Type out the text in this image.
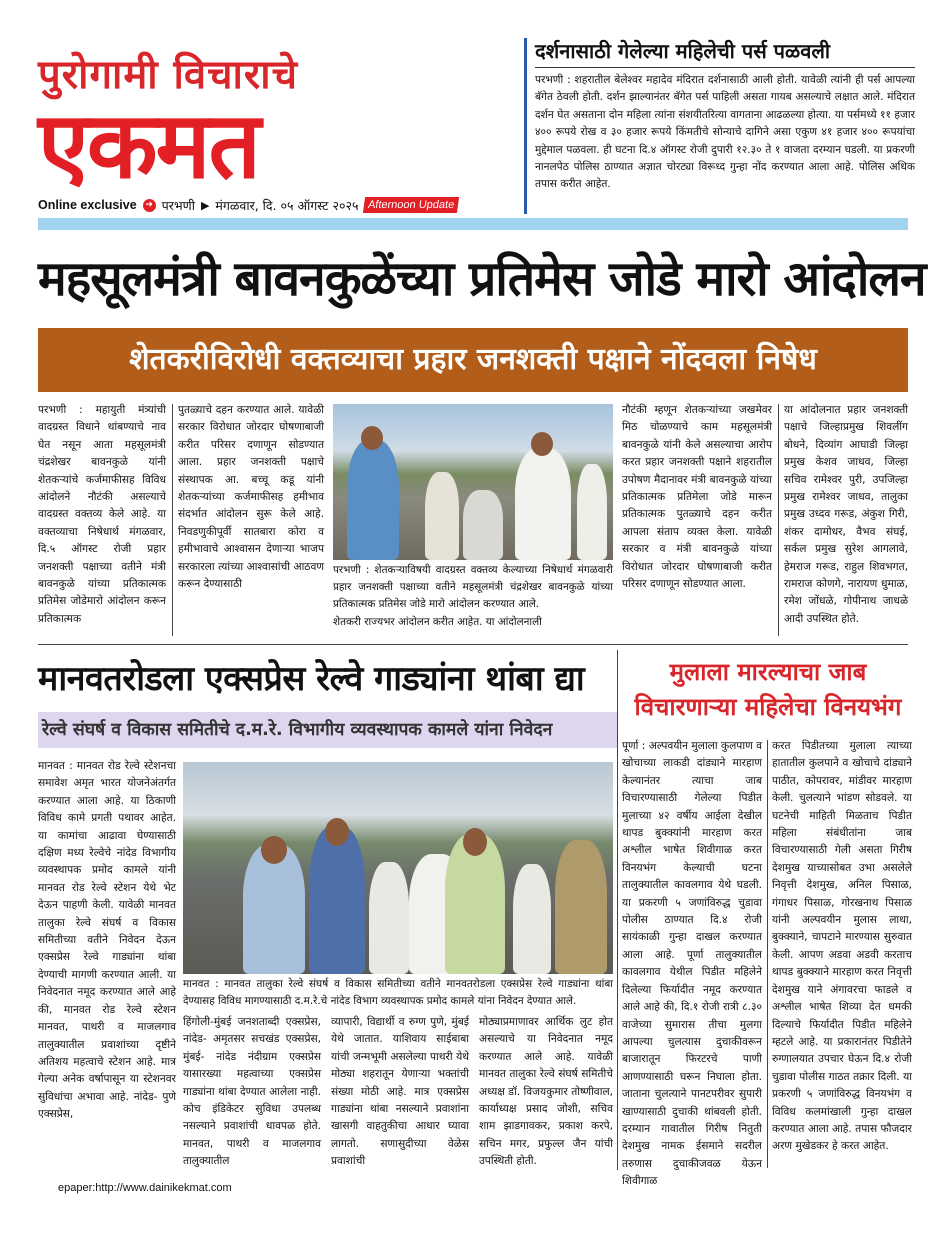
पुरोगामी विचाराचे
एकमत
Online exclusive ➜ परभणी ▶ मंगळवार, दि. ०५ ऑगस्ट २०२५ Afternoon Update
दर्शनासाठी गेलेल्या महिलेची पर्स पळवली

परभणी : शहरातील बेलेश्वर महादेव मंदिरात दर्शनासाठी आली होती. यावेळी त्यांनी ही पर्स आपल्या बॅगेत ठेवली होती. दर्शन झाल्यानंतर बॅगेत पर्स पाहिली असता गायब असल्याचे लक्षात आले. मंदिरात दर्शन घेत असताना दोन महिला त्यांना संशयीतरित्या वागताना आढळल्या होत्या. या पर्समध्ये ११ हजार ४०० रूपये रोख व ३० हजार रूपये किंमतीचे सोन्याचे दागिने असा एकुण ४१ हजार ४०० रूपयांचा मुद्देमाल पळवला. ही घटना दि.४ ऑगस्ट रोजी दुपारी १२.३० ते १ वाजता दरम्यान घडली. या प्रकरणी नानलपेठ पोलिस ठाण्यात अज्ञात चोरट्या विरूध्द गुन्हा नोंद करण्यात आला आहे. पोलिस अधिक तपास करीत आहेत.

महसूलमंत्री बावनकुळेंच्या प्रतिमेस जोडे मारो आंदोलन
शेतकरीविरोधी वक्तव्याचा प्रहार जनशक्ती पक्षाने नोंदवला निषेध
परभणी : महायुती मंत्र्यांची वादग्रस्त विधाने थांबण्याचे नाव घेत नसून आता महसूलमंत्री चंद्रशेखर बावनकुळे यांनी शेतकऱ्यांचे कर्जमाफीसह विविध आंदोलने नौटंकी असल्याचे वादग्रस्त वक्तव्य केले आहे. या वक्तव्याचा निषेधार्थ मंगळवार, दि.५ ऑगस्ट रोजी प्रहार जनशक्ती पक्षाच्या वतीने मंत्री बावनकुळे यांच्या प्रतिकात्मक प्रतिमेस जोडेमारो आंदोलन करून प्रतिकात्मक
पुतळ्याचे दहन करण्यात आले. यावेळी सरकार विरोधात जोरदार घोषणाबाजी करीत परिसर दणाणून सोडण्यात आला. प्रहार जनशक्ती पक्षाचे संस्थापक आ. बच्चू कडू यांनी शेतकऱ्यांच्या कर्जमाफीसह हमीभाव संदर्भात आंदोलन सुरू केले आहे. निवडणुकीपूर्वी सातबारा कोरा व हमीभावाचे आश्वासन देणाऱ्या भाजप सरकारला त्यांच्या आश्वासांची आठवण करून देण्यासाठी
परभणी : शेतकऱ्याविषयी वादग्रस्त वक्तव्य केल्याच्या निषेधार्थ मंगळवारी प्रहार जनशक्ती पक्षाच्या वतीने महसूलमंत्री चंद्रशेखर बावनकुळे यांच्या प्रतिकात्मक प्रतिमेस जोडे मारो आंदोलन करण्यात आले.
शेतकरी राज्यभर आंदोलन करीत आहेत. या आंदोलनाली
नौटंकी म्हणून शेतकऱ्यांच्या जखमेवर मिठ चोळण्याचे काम महसूलमंत्री बावनकुळे यांनी केले असल्याचा आरोप करत प्रहार जनशक्ती पक्षाने शहरातील उपोषण मैदानावर मंत्री बावनकुळे यांच्या प्रतिकात्मक प्रतिमेला जोडे मारून प्रतिकात्मक पुतळ्याचे दहन करीत आपला संताप व्यक्त केला. यावेळी सरकार व मंत्री बावनकुळे यांच्या विरोधात जोरदार घोषणाबाजी करीत परिसर दणाणून सोडण्यात आला.
या आंदोलनात प्रहार जनशक्ती पक्षाचे जिल्हाप्रमुख शिवलींग बोधने, दिव्यांग आघाडी जिल्हा प्रमुख केशव जाधव, जिल्हा सचिव रामेश्वर पुरी, उपजिल्हा प्रमुख रामेश्वर जाधव, तालुका प्रमुख उध्दव गरूड, अंकुश गिरी, शंकर दामोधर, वैभव संघई, सर्कल प्रमुख सुरेश आगलावे, हेमराज गरूड, राहुल शिवभगत, रामराज कोणगे, नारायण धुमाळ, रमेश जोंधळे, गोपीनाथ जाधळे आदी उपस्थित होते.
मानवतरोडला एक्सप्रेस रेल्वे गाड्यांना थांबा द्या
रेल्वे संघर्ष व विकास समितीचे द.म.रे. विभागीय व्यवस्थापक कामले यांना निवेदन
मानवत : मानवत रोड रेल्वे स्टेशनचा समावेश अमृत भारत योजनेअंतर्गत करण्यात आला आहे. या ठिकाणी विविध कामे प्रगती पथावर आहेत. या कामांचा आढावा घेण्यासाठी दक्षिण मध्य रेल्वेचे नांदेड विभागीय व्यवस्थापक प्रमोद कामले यांनी मानवत रोड रेल्वे स्टेशन येथे भेट देऊन पाहणी केली. यावेळी मानवत तालुका रेल्वे संघर्ष व विकास समितीच्या वतीने निवेदन देऊन एक्सप्रेस रेल्वे गाड्यांना थांबा देण्याची मागणी करण्यात आली. या निवेदनात नमूद करण्यात आले आहे की, मानवत रोड रेल्वे स्टेशन मानवत, पाथरी व माजलगाव तालुक्यातील प्रवाशांच्या दृष्टीने अतिशय महत्वाचे स्टेशन आहे. मात्र गेल्या अनेक वर्षापासून या स्टेशनवर सुविधांचा अभावा आहे. नांदेड- पुणे एक्सप्रेस,
मानवत : मानवत तालुका रेल्वे संघर्ष व विकास समितीच्या वतीने मानवतरोडला एक्सप्रेस रेल्वे गाड्यांना थांबा देण्यासह विविध मागण्यासाठी द.म.रे.चे नांदेड विभाग व्यवस्थापक प्रमोद कामले यांना निवेदन देण्यात आले.
हिंगोली-मुंबई जनशताब्दी एक्सप्रेस, नांदेड- अमृतसर सचखंड एक्सप्रेस, मुंबई- नांदेड नंदीग्राम एक्सप्रेस यासारख्या महत्वाच्या एक्सप्रेस गाड्यांना थांबा देण्यात आलेला नाही. कोच इंडिकेटर सुविधा उपलब्ध नसल्याने प्रवाशांची धावपळ होते. मानवत, पाथरी व माजलगाव तालुक्यातील
व्यापारी, विद्यार्थी व रुग्ण पुणे, मुंबई येथे जातात. याशिवाय साईबाबा यांची जन्मभूमी असलेल्या पाथरी येथे मोठ्या शहरातून येणाऱ्या भक्तांची संख्या मोठी आहे. मात्र एक्सप्रेस गाड्यांना थांबा नसल्याने प्रवाशांना खासगी वाहतुकीचा आधार घ्यावा लागतो. सणासुदीच्या वेळेस प्रवाशांची
मोठ्याप्रमाणावर आर्थिक लुट होत असल्याचे या निवेदनात नमूद करण्यात आले आहे. यावेळी मानवत तालुका रेल्वे संघर्ष समितीचे अध्यक्ष डॉ. विजयकुमार तोष्णीवाल, कार्याध्यक्ष प्रसाद जोशी, सचिव शाम झाडगावकर, प्रकाश करपे, सचिन मगर, प्रफुल्ल जैन यांची उपस्थिती होती.
मुलाला मारल्याचा जाब
विचारणाऱ्या महिलेचा विनयभंग
पूर्णा : अल्पवयीन मुलाला कुलपाण व खोचाच्या लाकडी दांड्याने मारहाण केल्यानंतर त्याचा जाब विचारण्यासाठी गेलेल्या पिडीत मुलाच्या ४२ वर्षीय आईला देखील थापड बुक्क्यांनी मारहाण करत अश्लील भाषेत शिवीगाळ करत विनयभंग केल्याची घटना तालुक्यातील कावलगाव येथे घडली. या प्रकरणी ५ जणांविरुद्ध चुडावा पोलीस ठाण्यात दि.४ रोजी सायंकाळी गुन्हा दाखल करण्यात आला आहे. पूर्णा तालुक्यातील कावलगाव येथील पिडीत महिलेने दिलेल्या फिर्यादीत नमूद करण्यात आले आहे की, दि.१ रोजी रात्री ८.३० वाजेच्या सुमारास तीचा मुलगा आपल्या चुलत्यास दुचाकीवरून बाजारातून फिरटरचे पाणी आणण्यासाठी घरून निघाला होता. जाताना चुलत्याने पानटपरीवर सुपारी खाण्यासाठी दुचाकी थांबवली होती. दरम्यान गावातील गिरीष नितुती देशमुख नामक ईसमाने सदरील तरुणास दुचाकीजवळ येऊन शिवीगाळ
करत पिडीतच्या मुलाला त्याच्या हातातील कुलपाने व खोचाचे दांड्याने पाठीत, कोपरावर, मांडीवर मारहाण केली. चुलत्याने भांडण सोडवले. या घटनेची माहिती मिळताच पिडीत महिला संबंधीतांना जाब विचारण्यासाठी गेली असता गिरीष देशमुख याच्यासोबत उभा असलेले निवृत्ती देशमुख, अनिल पिसाळ, गंगाधर पिसाळ, गोरखनाथ पिसाळ यांनी अल्पवयीन मुलास लाथा, बुक्क्याने, चापटाने मारण्यास सुरुवात केली. आपण अडवा अडवी करताच थापड बुक्क्याने मारहाण करत निवृत्ती देशमुख याने अंगावरचा फाडले व अश्लील भाषेत शिव्या देत धमकी दिल्याचे फिर्यादीत पिडीत महिलेने म्हटले आहे. या प्रकारानंतर पिडीतेने रुग्णालयात उपचार घेऊन दि.४ रोजी चुडावा पोलीस गाठत तक्रार दिली. या प्रकरणी ५ जणांविरुद्ध विनयभंग व विविध कलमांखाली गुन्हा दाखल करण्यात आला आहे. तपास फौजदार अरण मुखेडकर हे करत आहेत.
epaper:http://www.dainikekmat.com
